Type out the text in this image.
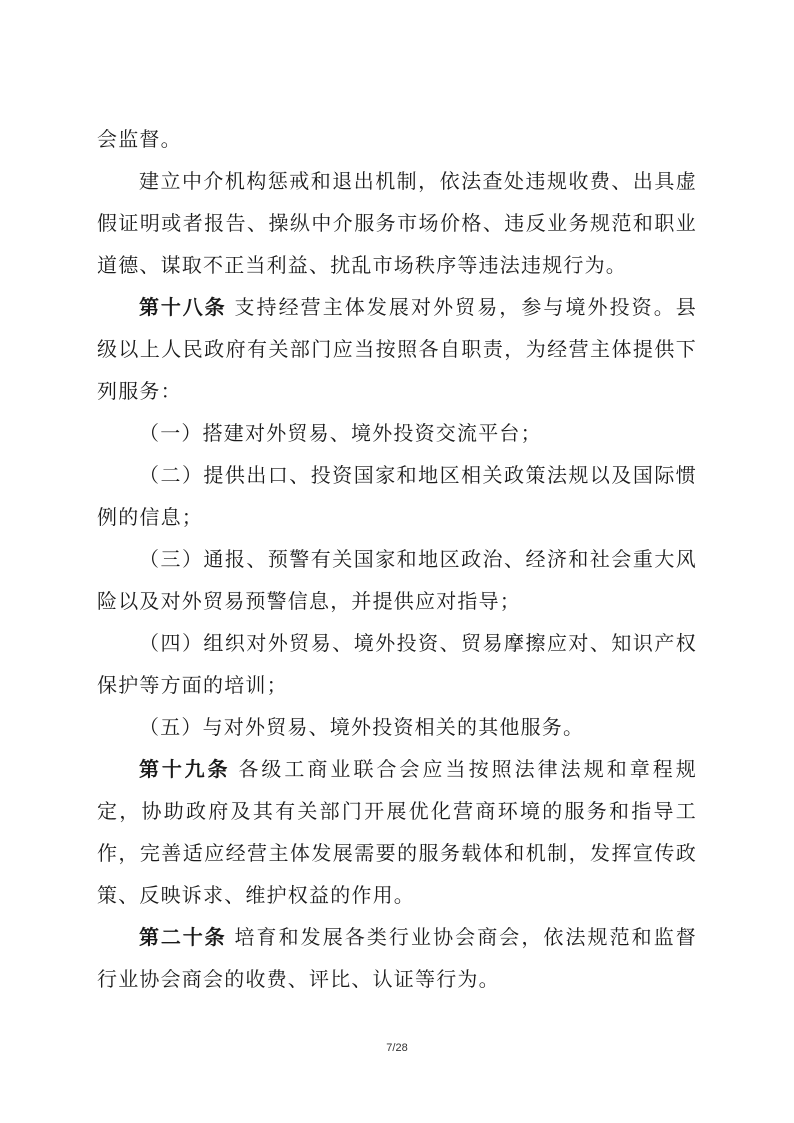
会监督。

建立中介机构惩戒和退出机制，依法查处违规收费、出具虚假证明或者报告、操纵中介服务市场价格、违反业务规范和职业道德、谋取不正当利益、扰乱市场秩序等违法违规行为。

第十八条 支持经营主体发展对外贸易，参与境外投资。县级以上人民政府有关部门应当按照各自职责，为经营主体提供下列服务：

（一）搭建对外贸易、境外投资交流平台；

（二）提供出口、投资国家和地区相关政策法规以及国际惯例的信息；

（三）通报、预警有关国家和地区政治、经济和社会重大风险以及对外贸易预警信息，并提供应对指导；

（四）组织对外贸易、境外投资、贸易摩擦应对、知识产权保护等方面的培训；

（五）与对外贸易、境外投资相关的其他服务。

第十九条 各级工商业联合会应当按照法律法规和章程规定，协助政府及其有关部门开展优化营商环境的服务和指导工作，完善适应经营主体发展需要的服务载体和机制，发挥宣传政策、反映诉求、维护权益的作用。

第二十条 培育和发展各类行业协会商会，依法规范和监督行业协会商会的收费、评比、认证等行为。

7/28
